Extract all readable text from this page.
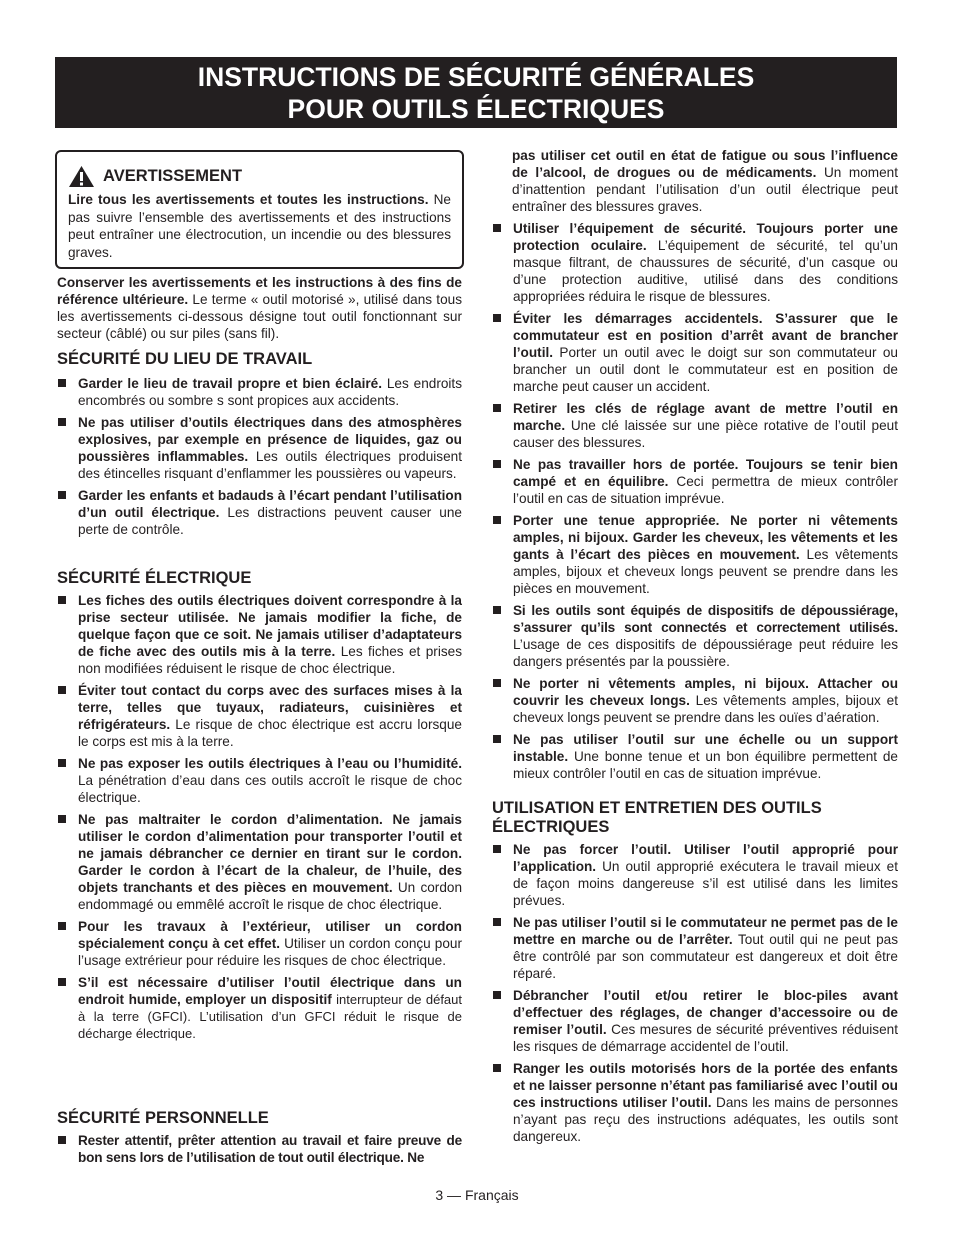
INSTRUCTIONS DE SÉCURITÉ GÉNÉRALES
POUR OUTILS ÉLECTRIQUES
AVERTISSEMENT
Lire tous les avertissements et toutes les instructions. Ne pas suivre l’ensemble des avertissements et des instructions peut entraîner une électrocution, un incendie ou des blessures graves.

Conserver les avertissements et les instructions à des fins de référence ultérieure. Le terme « outil motorisé », utilisé dans tous les avertissements ci-dessous désigne tout outil fonctionnant sur secteur (câblé) ou sur piles (sans fil).

SÉCURITÉ DU LIEU DE TRAVAIL
Garder le lieu de travail propre et bien éclairé. Les endroits encombrés ou sombre s sont propices aux accidents.
Ne pas utiliser d’outils électriques dans des atmosphères explosives, par exemple en présence de liquides, gaz ou poussières inflammables. Les outils électriques produisent des étincelles risquant d’enflammer les poussières ou vapeurs.
Garder les enfants et badauds à l’écart pendant l’utilisation d’un outil électrique. Les distractions peuvent causer une perte de contrôle.
SÉCURITÉ ÉLECTRIQUE
Les fiches des outils électriques doivent correspondre à la prise secteur utilisée. Ne jamais modifier la fiche, de quelque façon que ce soit. Ne jamais utiliser d’adaptateurs de fiche avec des outils mis à la terre. Les fiches et prises non modifiées réduisent le risque de choc électrique.
Éviter tout contact du corps avec des surfaces mises à la terre, telles que tuyaux, radiateurs, cuisinières et réfrigérateurs. Le risque de choc électrique est accru lorsque le corps est mis à la terre.
Ne pas exposer les outils électriques à l’eau ou l’humidité. La pénétration d’eau dans ces outils accroît le risque de choc électrique.
Ne pas maltraiter le cordon d’alimentation. Ne jamais utiliser le cordon d’alimentation pour transporter l’outil et ne jamais débrancher ce dernier en tirant sur le cordon. Garder le cordon à l’écart de la chaleur, de l’huile, des objets tranchants et des pièces en mouvement. Un cordon endommagé ou emmêlé accroît le risque de choc électrique.
Pour les travaux à l’extérieur, utiliser un cordon spécialement conçu à cet effet. Utiliser un cordon conçu pour l’usage extrérieur pour réduire les risques de choc électrique.
S’il est nécessaire d’utiliser l’outil électrique dans un endroit humide, employer un dispositif interrupteur de défaut à la terre (GFCI). L’utilisation d’un GFCI réduit le risque de décharge électrique.
SÉCURITÉ PERSONNELLE
Rester attentif, prêter attention au travail et faire preuve de bon sens lors de l’utilisation de tout outil électrique. Ne
pas utiliser cet outil en état de fatigue ou sous l’influence de l’alcool, de drogues ou de médicaments. Un moment d’inattention pendant l’utilisation d’un outil électrique peut entraîner des blessures graves.
Utiliser l’équipement de sécurité. Toujours porter une protection oculaire. L’équipement de sécurité, tel qu’un masque filtrant, de chaussures de sécurité, d’un casque ou d’une protection auditive, utilisé dans des conditions appropriées réduira le risque de blessures.
Éviter les démarrages accidentels. S’assurer que le commutateur est en position d’arrêt avant de brancher l’outil. Porter un outil avec le doigt sur son commutateur ou brancher un outil dont le commutateur est en position de marche peut causer un accident.
Retirer les clés de réglage avant de mettre l’outil en marche. Une clé laissée sur une pièce rotative de l’outil peut causer des blessures.
Ne pas travailler hors de portée. Toujours se tenir bien campé et en équilibre. Ceci permettra de mieux contrôler l’outil en cas de situation imprévue.
Porter une tenue appropriée. Ne porter ni vêtements amples, ni bijoux. Garder les cheveux, les vêtements et les gants à l’écart des pièces en mouvement. Les vêtements amples, bijoux et cheveux longs peuvent se prendre dans les pièces en mouvement.
Si les outils sont équipés de dispositifs de dépoussiérage, s’assurer qu’ils sont connectés et correctement utilisés. L’usage de ces dispositifs de dépoussiérage peut réduire les dangers présentés par la poussière.
Ne porter ni vêtements amples, ni bijoux. Attacher ou couvrir les cheveux longs. Les vêtements amples, bijoux et cheveux longs peuvent se prendre dans les ouïes d’aération.
Ne pas utiliser l’outil sur une échelle ou un support instable. Une bonne tenue et un bon équilibre permettent de mieux contrôler l’outil en cas de situation imprévue.
UTILISATION ET ENTRETIEN DES OUTILS
ÉLECTRIQUES
Ne pas forcer l’outil. Utiliser l’outil approprié pour l’application. Un outil approprié exécutera le travail mieux et de façon moins dangereuse s’il est utilisé dans les limites prévues.
Ne pas utiliser l’outil si le commutateur ne permet pas de le mettre en marche ou de l’arrêter. Tout outil qui ne peut pas être contrôlé par son commutateur est dangereux et doit être réparé.
Débrancher l’outil et/ou retirer le bloc-piles avant d’effectuer des réglages, de changer d’accessoire ou de remiser l’outil. Ces mesures de sécurité préventives réduisent les risques de démarrage accidentel de l’outil.
Ranger les outils motorisés hors de la portée des enfants et ne laisser personne n’étant pas familiarisé avec l’outil ou ces instructions utiliser l’outil. Dans les mains de personnes n’ayant pas reçu des instructions adéquates, les outils sont dangereux.
3 — Français
